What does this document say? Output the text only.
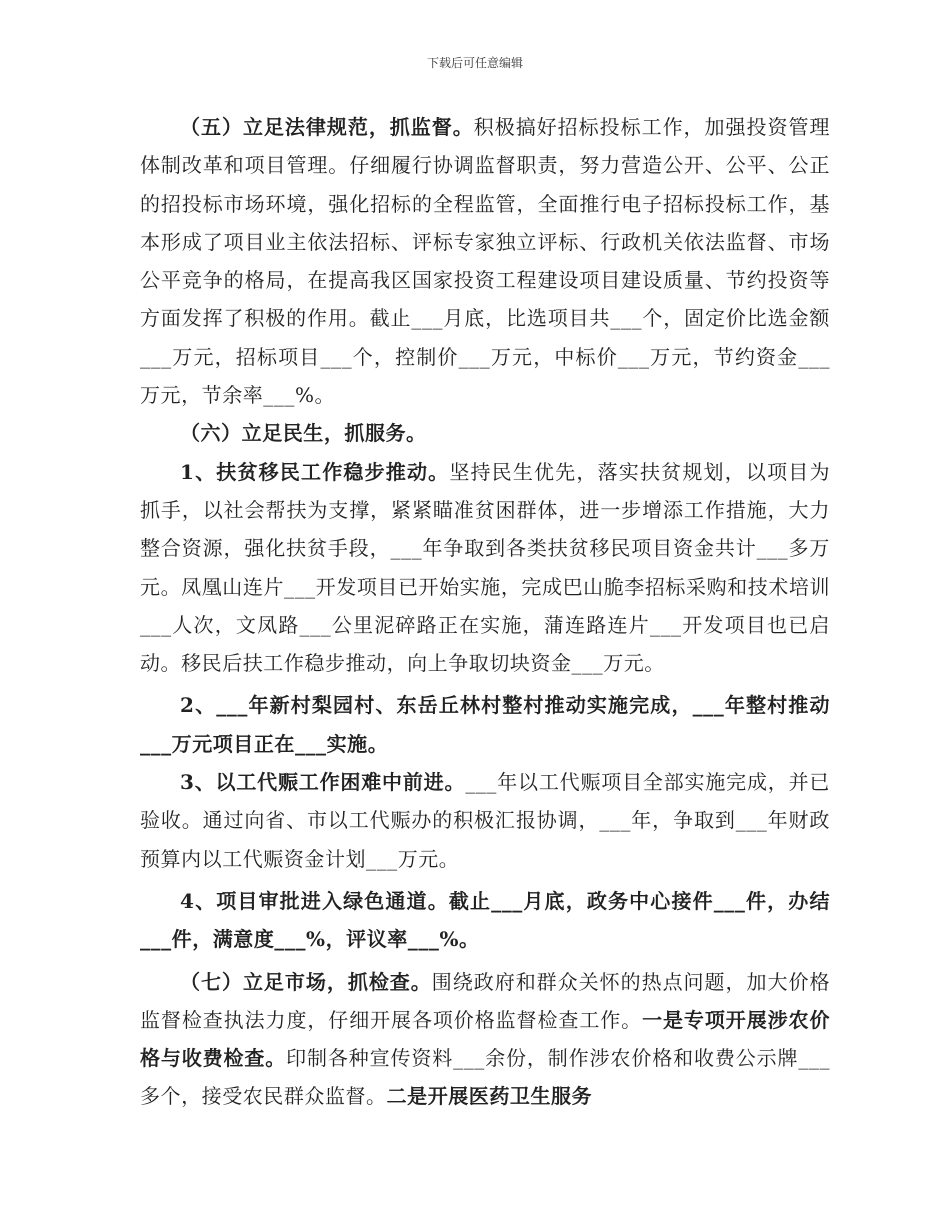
下载后可任意编辑

（五）立足法律规范，抓监督。积极搞好招标投标工作，加强投资管理体制改革和项目管理。仔细履行协调监督职责，努力营造公开、公平、公正的招投标市场环境，强化招标的全程监管，全面推行电子招标投标工作，基本形成了项目业主依法招标、评标专家独立评标、行政机关依法监督、市场公平竞争的格局，在提高我区国家投资工程建设项目建设质量、节约投资等方面发挥了积极的作用。截止___月底，比选项目共___个，固定价比选金额___万元，招标项目___个，控制价___万元，中标价___万元，节约资金___万元，节余率___%。

（六）立足民生，抓服务。

1、扶贫移民工作稳步推动。坚持民生优先，落实扶贫规划，以项目为抓手，以社会帮扶为支撑，紧紧瞄准贫困群体，进一步增添工作措施，大力整合资源，强化扶贫手段，___年争取到各类扶贫移民项目资金共计___多万元。凤凰山连片___开发项目已开始实施，完成巴山脆李招标采购和技术培训___人次，文凤路___公里泥碎路正在实施，蒲连路连片___开发项目也已启动。移民后扶工作稳步推动，向上争取切块资金___万元。

2、___年新村梨园村、东岳丘林村整村推动实施完成，___年整村推动___万元项目正在___实施。

3、以工代赈工作困难中前进。___年以工代赈项目全部实施完成，并已验收。通过向省、市以工代赈办的积极汇报协调，___年，争取到___年财政预算内以工代赈资金计划___万元。

4、项目审批进入绿色通道。截止___月底，政务中心接件___件，办结___件，满意度___%，评议率___%。

（七）立足市场，抓检查。围绕政府和群众关怀的热点问题，加大价格监督检查执法力度，仔细开展各项价格监督检查工作。一是专项开展涉农价格与收费检查。印制各种宣传资料___余份，制作涉农价格和收费公示牌___多个，接受农民群众监督。二是开展医药卫生服务
